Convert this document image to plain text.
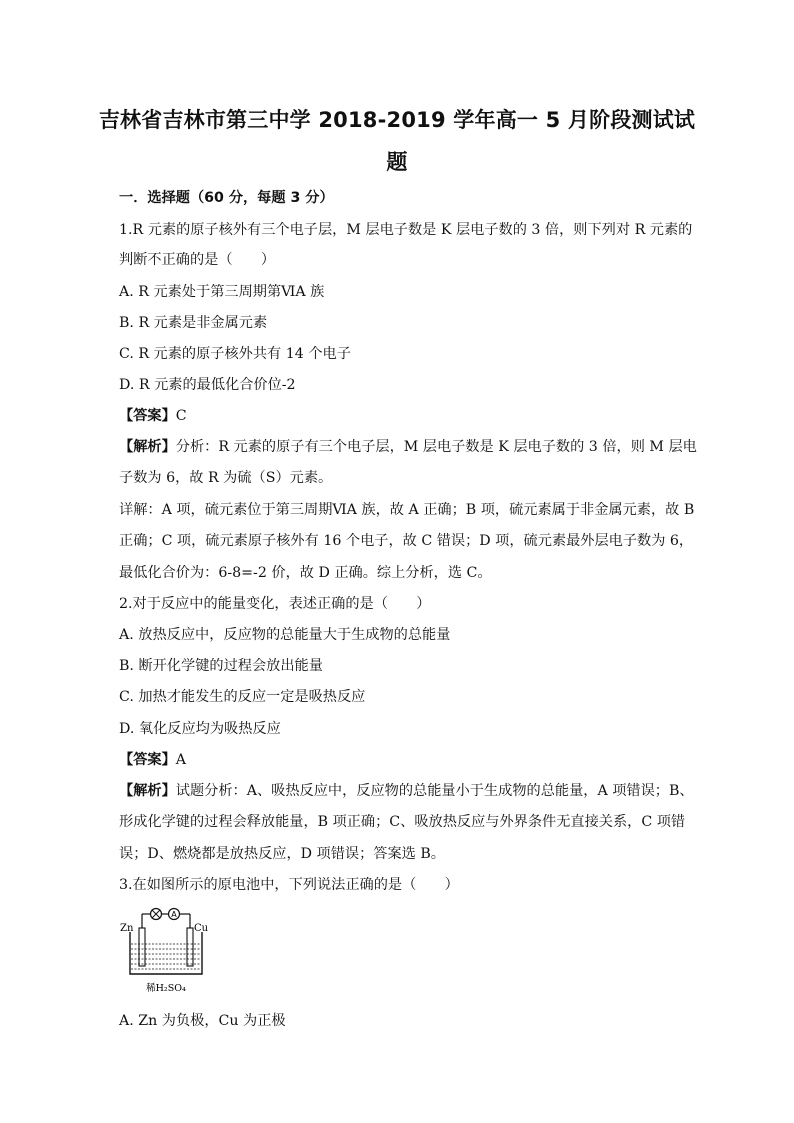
吉林省吉林市第三中学 2018-2019 学年高一 5 月阶段测试试
题
一．选择题（60 分，每题 3 分）
1.R 元素的原子核外有三个电子层，M 层电子数是 K 层电子数的 3 倍，则下列对 R 元素的
判断不正确的是（　　）
A. R 元素处于第三周期第ⅥA 族
B. R 元素是非金属元素
C. R 元素的原子核外共有 14 个电子
D. R 元素的最低化合价位-2
【答案】C
【解析】分析：R 元素的原子有三个电子层，M 层电子数是 K 层电子数的 3 倍，则 M 层电
子数为 6，故 R 为硫（S）元素。
详解：A 项，硫元素位于第三周期ⅥA 族，故 A 正确；B 项，硫元素属于非金属元素，故 B
正确；C 项，硫元素原子核外有 16 个电子，故 C 错误；D 项，硫元素最外层电子数为 6，
最低化合价为：6-8=-2 价，故 D 正确。综上分析，选 C。
2.对于反应中的能量变化，表述正确的是（　　）
A. 放热反应中，反应物的总能量大于生成物的总能量
B. 断开化学键的过程会放出能量
C. 加热才能发生的反应一定是吸热反应
D. 氧化反应均为吸热反应
【答案】A
【解析】试题分析：A、吸热反应中，反应物的总能量小于生成物的总能量，A 项错误；B、
形成化学键的过程会释放能量，B 项正确；C、吸放热反应与外界条件无直接关系，C 项错
误；D、燃烧都是放热反应，D 项错误；答案选 B。
3.在如图所示的原电池中，下列说法正确的是（　　）
A
Zn	Cu
稀H₂SO₄
A. Zn 为负极，Cu 为正极
